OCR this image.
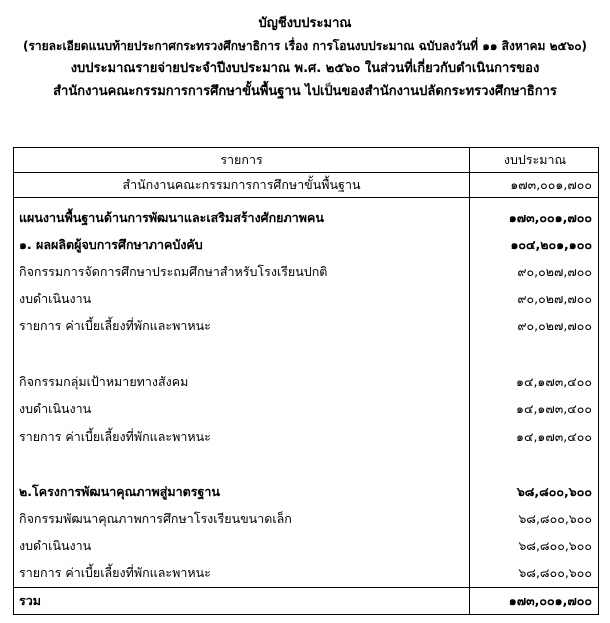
บัญชีงบประมาณ
(รายละเอียดแนบท้ายประกาศกระทรวงศึกษาธิการ เรื่อง การโอนงบประมาณ ฉบับลงวันที่ ๑๑ สิงหาคม ๒๕๖๐)
งบประมาณรายจ่ายประจำปีงบประมาณ พ.ศ. ๒๕๖๐ ในส่วนที่เกี่ยวกับดำเนินการของ
สำนักงานคณะกรรมการการศึกษาขั้นพื้นฐาน ไปเป็นของสำนักงานปลัดกระทรวงศึกษาธิการ
รายการ	งบประมาณ
สำนักงานคณะกรรมการการศึกษาขั้นพื้นฐาน	๑๗๓,๐๐๑,๗๐๐
แผนงานพื้นฐานด้านการพัฒนาและเสริมสร้างศักยภาพคน	๑๗๓,๐๐๑,๗๐๐
๑. ผลผลิตผู้จบการศึกษาภาคบังคับ	๑๐๔,๒๐๑,๑๐๐
กิจกรรมการจัดการศึกษาประถมศึกษาสำหรับโรงเรียนปกติ	๙๐,๐๒๗,๗๐๐
งบดำเนินงาน	๙๐,๐๒๗,๗๐๐
รายการ ค่าเบี้ยเลี้ยงที่พักและพาหนะ	๙๐,๐๒๗,๗๐๐
กิจกรรมกลุ่มเป้าหมายทางสังคม	๑๔,๑๗๓,๔๐๐
งบดำเนินงาน	๑๔,๑๗๓,๔๐๐
รายการ ค่าเบี้ยเลี้ยงที่พักและพาหนะ	๑๔,๑๗๓,๔๐๐
๒.โครงการพัฒนาคุณภาพสู่มาตรฐาน	๖๘,๘๐๐,๖๐๐
กิจกรรมพัฒนาคุณภาพการศึกษาโรงเรียนขนาดเล็ก	๖๘,๘๐๐,๖๐๐
งบดำเนินงาน	๖๘,๘๐๐,๖๐๐
รายการ ค่าเบี้ยเลี้ยงที่พักและพาหนะ	๖๘,๘๐๐,๖๐๐
รวม	๑๗๓,๐๐๑,๗๐๐
